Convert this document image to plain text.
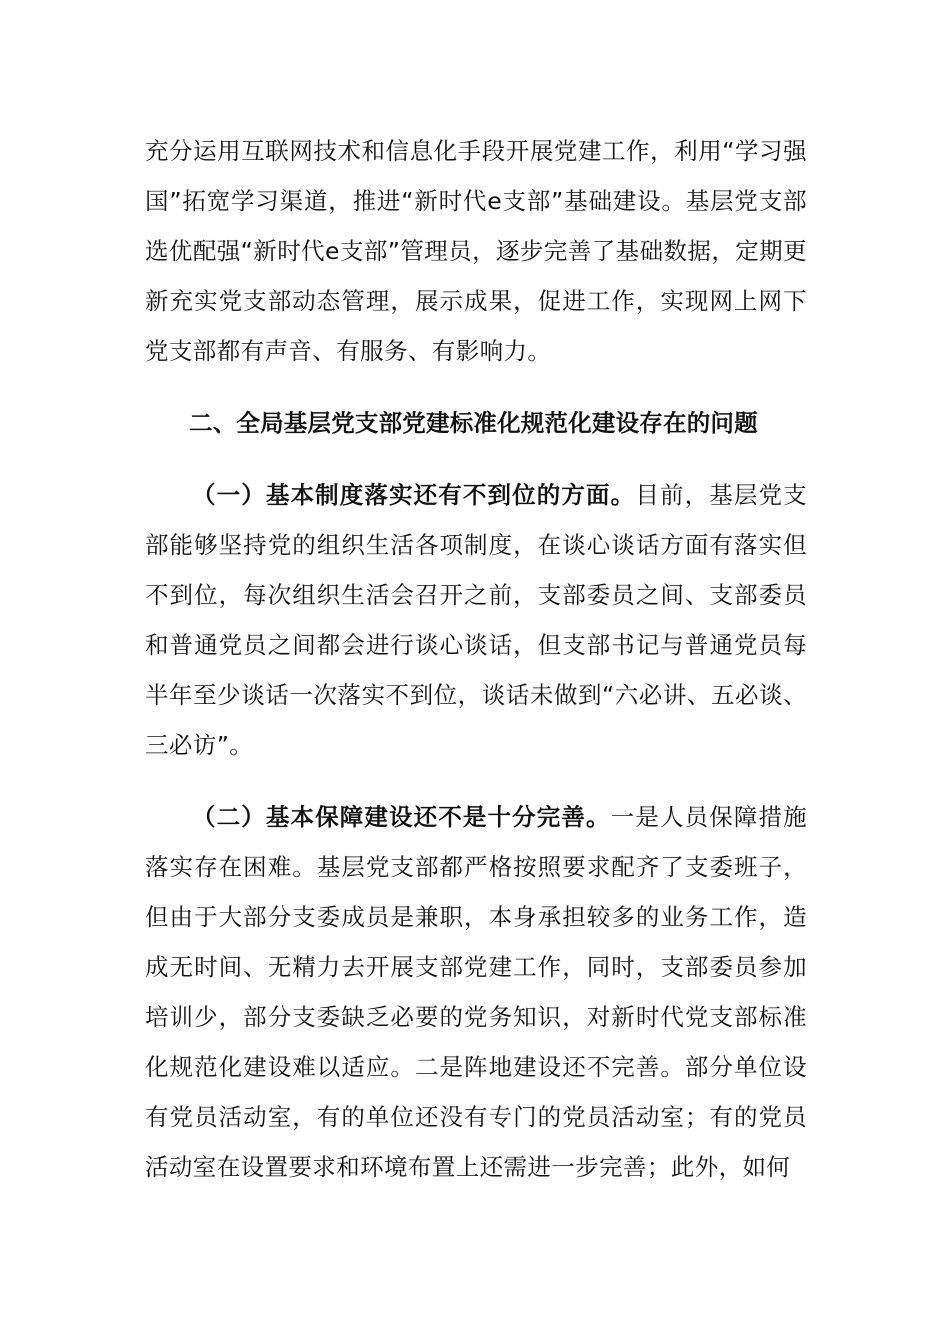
充分运用互联网技术和信息化手段开展党建工作，利用“学习强国”拓宽学习渠道，推进“新时代e支部”基础建设。基层党支部选优配强“新时代e支部”管理员，逐步完善了基础数据，定期更新充实党支部动态管理，展示成果，促进工作，实现网上网下党支部都有声音、有服务、有影响力。

二、全局基层党支部党建标准化规范化建设存在的问题

（一）基本制度落实还有不到位的方面。目前，基层党支部能够坚持党的组织生活各项制度，在谈心谈话方面有落实但不到位，每次组织生活会召开之前，支部委员之间、支部委员和普通党员之间都会进行谈心谈话，但支部书记与普通党员每半年至少谈话一次落实不到位，谈话未做到“六必讲、五必谈、三必访”。

（二）基本保障建设还不是十分完善。一是人员保障措施落实存在困难。基层党支部都严格按照要求配齐了支委班子，但由于大部分支委成员是兼职，本身承担较多的业务工作，造成无时间、无精力去开展支部党建工作，同时，支部委员参加培训少，部分支委缺乏必要的党务知识，对新时代党支部标准化规范化建设难以适应。二是阵地建设还不完善。部分单位设有党员活动室，有的单位还没有专门的党员活动室；有的党员活动室在设置要求和环境布置上还需进一步完善；此外，如何
